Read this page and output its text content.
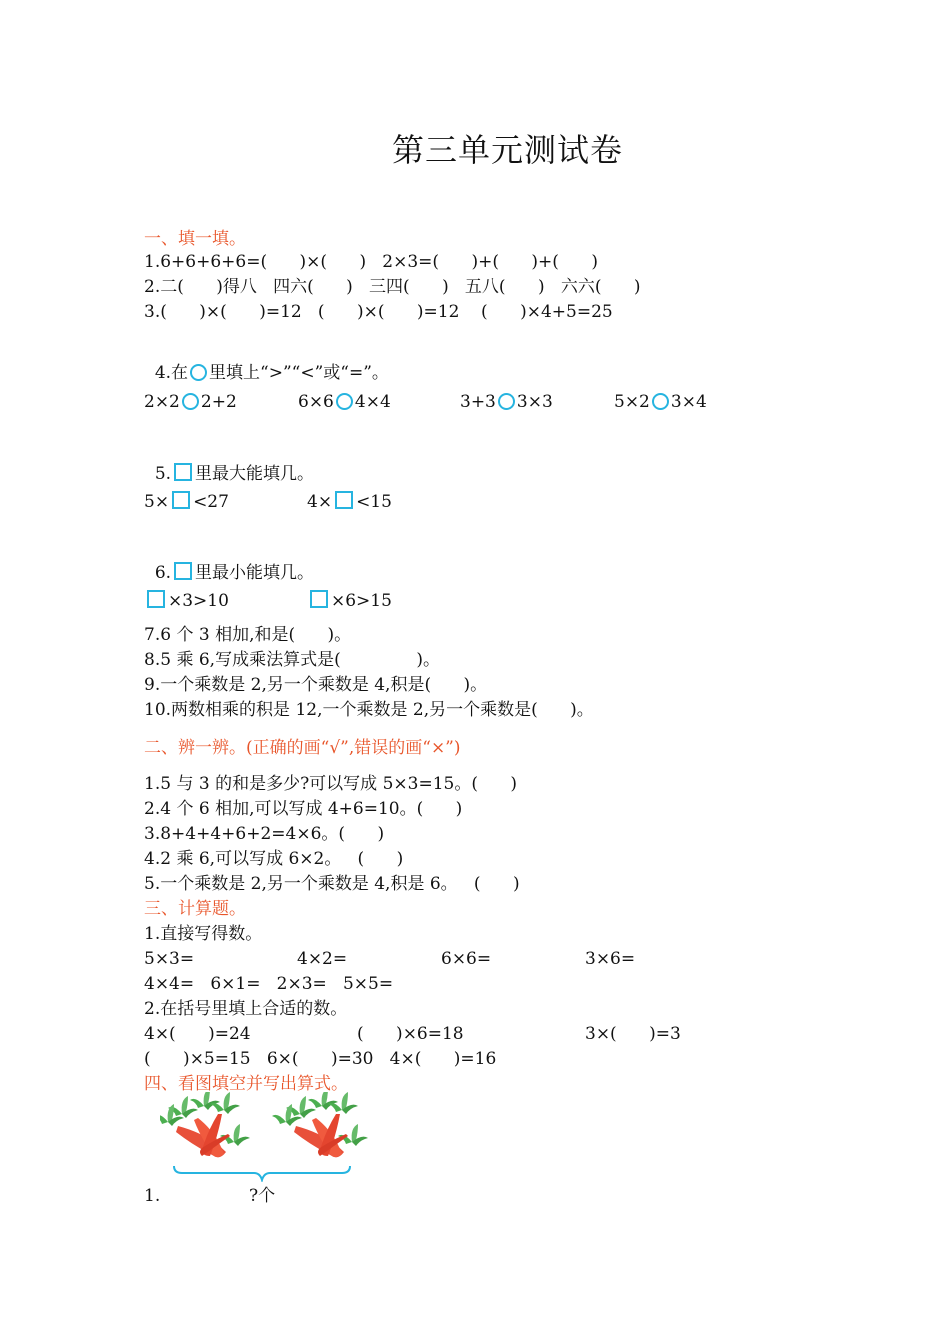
第三单元测试卷
一、填一填。
1.6+6+6+6=(      )×(      )   2×3=(      )+(      )+(      )
2.二(      )得八   四六(      )   三四(      )   五八(      )   六六(      )
3.(      )×(      )=12   (      )×(      )=12    (      )×4+5=25

4.在 里填上“>”“<”或“=”。

2×2 2+2	6×6 4×4	3+3 3×3	5×2 3×4

5. 里最大能填几。

5× <27	4× <15

6. 里最小能填几。

×3>10	×6>15
7.6 个 3 相加,和是(      )。
8.5 乘 6,写成乘法算式是(              )。
9.一个乘数是 2,另一个乘数是 4,积是(      )。
10.两数相乘的积是 12,一个乘数是 2,另一个乘数是(      )。
二、辨一辨。(正确的画“√”,错误的画“×”)
1.5 与 3 的和是多少?可以写成 5×3=15。(      )
2.4 个 6 相加,可以写成 4+6=10。(      )
3.8+4+4+6+2=4×6。(      )
4.2 乘 6,可以写成 6×2。   (      )
5.一个乘数是 2,另一个乘数是 4,积是 6。   (      )
三、计算题。
1.直接写得数。
5×3=	4×2=	6×6=	3×6=
4×4=   6×1=   2×3=   5×5=
2.在括号里填上合适的数。
4×(      )=24	(      )×6=18	3×(      )=3
(      )×5=15   6×(      )=30   4×(      )=16
四、看图填空并写出算式。
1.	?个
